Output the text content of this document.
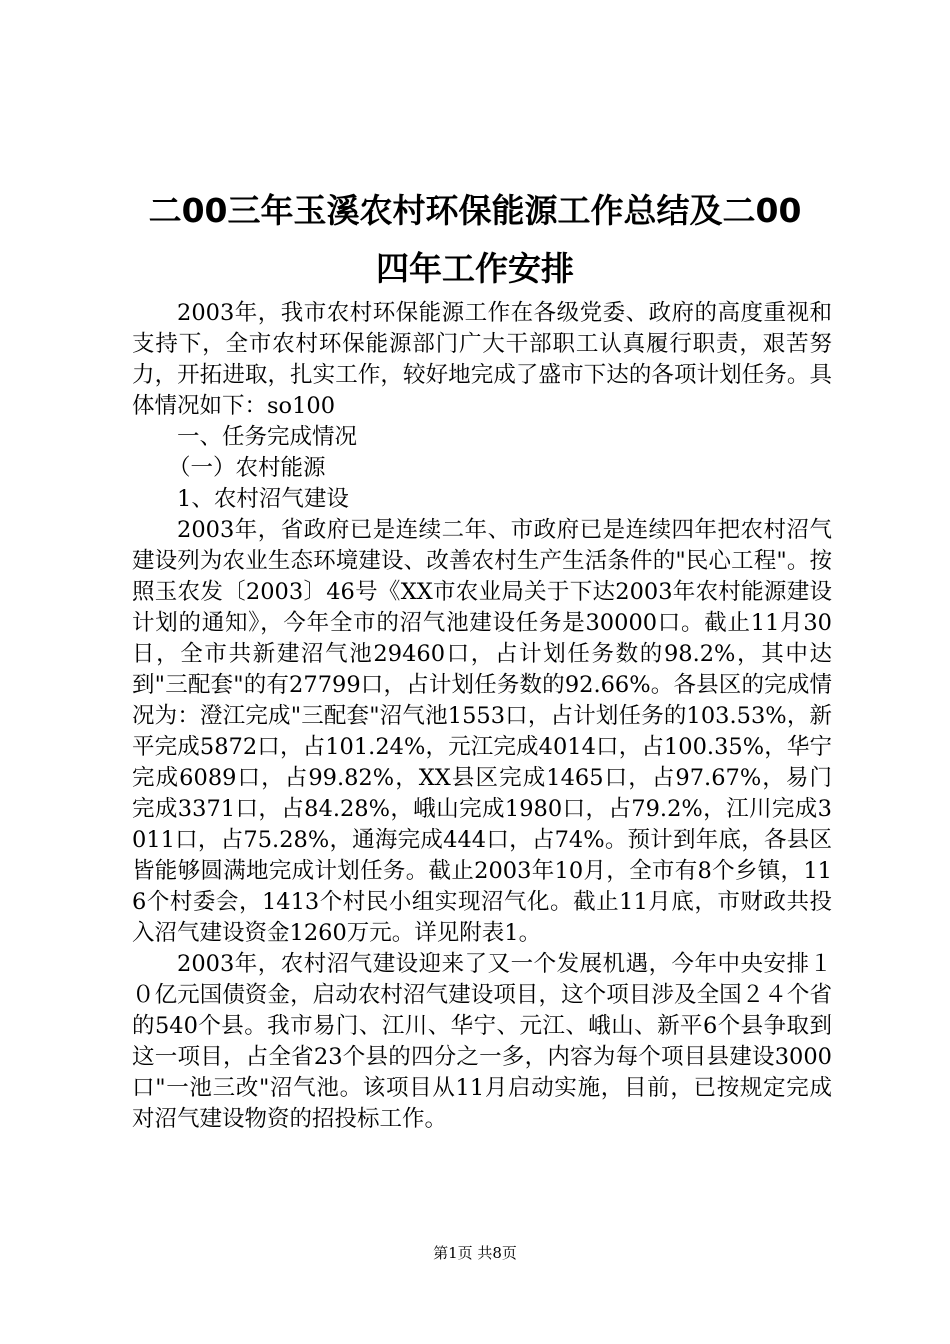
二00三年玉溪农村环保能源工作总结及二00
四年工作安排

2003年，我市农村环保能源工作在各级党委、政府的高度重视和支持下，全市农村环保能源部门广大干部职工认真履行职责，艰苦努力，开拓进取，扎实工作，较好地完成了盛市下达的各项计划任务。具体情况如下：so100

一、任务完成情况

（一）农村能源

1、农村沼气建设

2003年，省政府已是连续二年、市政府已是连续四年把农村沼气建设列为农业生态环境建设、改善农村生产生活条件的"民心工程"。按照玉农发〔2003〕46号《XX市农业局关于下达2003年农村能源建设计划的通知》，今年全市的沼气池建设任务是30000口。截止11月30日，全市共新建沼气池29460口，占计划任务数的98.2%，其中达到"三配套"的有27799口，占计划任务数的92.66%。各县区的完成情况为：澄江完成"三配套"沼气池1553口，占计划任务的103.53%，新平完成5872口，占101.24%，元江完成4014口，占100.35%，华宁完成6089口，占99.82%，XX县区完成1465口，占97.67%，易门完成3371口，占84.28%，峨山完成1980口，占79.2%，江川完成3011口，占75.28%，通海完成444口，占74%。预计到年底，各县区皆能够圆满地完成计划任务。截止2003年10月，全市有8个乡镇，116个村委会，1413个村民小组实现沼气化。截止11月底，市财政共投入沼气建设资金1260万元。详见附表1。

2003年，农村沼气建设迎来了又一个发展机遇，今年中央安排１０亿元国债资金，启动农村沼气建设项目，这个项目涉及全国２４个省的540个县。我市易门、江川、华宁、元江、峨山、新平6个县争取到这一项目，占全省23个县的四分之一多，内容为每个项目县建设3000口"一池三改"沼气池。该项目从11月启动实施，目前，已按规定完成对沼气建设物资的招投标工作。

第1页 共8页
